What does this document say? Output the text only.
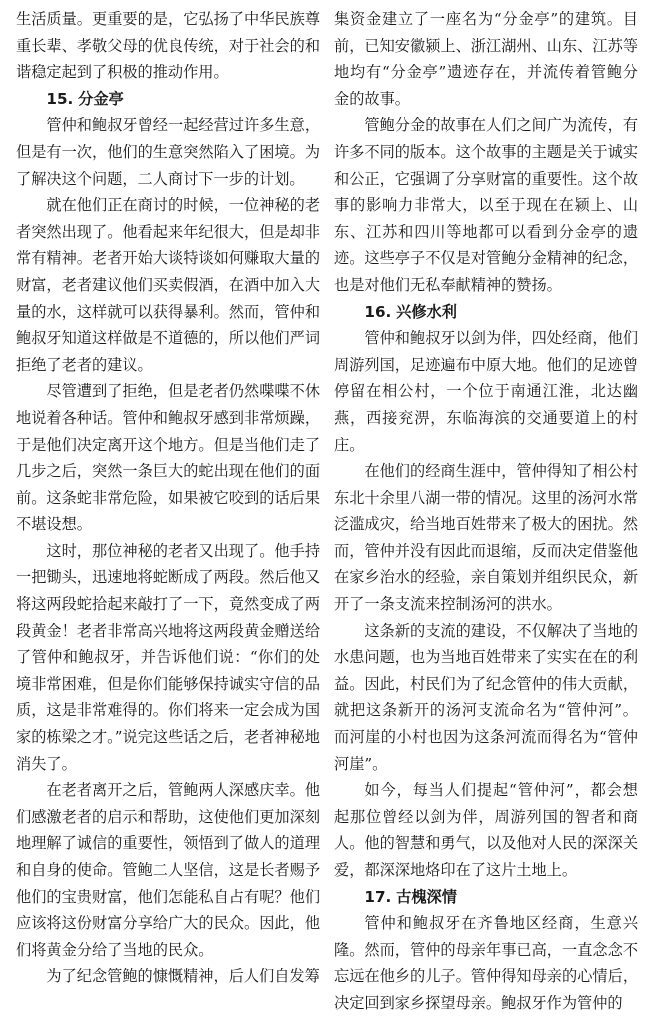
生活质量。更重要的是，它弘扬了中华民族尊重长辈、孝敬父母的优良传统，对于社会的和谐稳定起到了积极的推动作用。

15. 分金亭

管仲和鲍叔牙曾经一起经营过许多生意，但是有一次，他们的生意突然陷入了困境。为了解决这个问题，二人商讨下一步的计划。

就在他们正在商讨的时候，一位神秘的老者突然出现了。他看起来年纪很大，但是却非常有精神。老者开始大谈特谈如何赚取大量的财富，老者建议他们买卖假酒，在酒中加入大量的水，这样就可以获得暴利。然而，管仲和鲍叔牙知道这样做是不道德的，所以他们严词拒绝了老者的建议。

尽管遭到了拒绝，但是老者仍然喋喋不休地说着各种话。管仲和鲍叔牙感到非常烦躁，于是他们决定离开这个地方。但是当他们走了几步之后，突然一条巨大的蛇出现在他们的面前。这条蛇非常危险，如果被它咬到的话后果不堪设想。

这时，那位神秘的老者又出现了。他手持一把锄头，迅速地将蛇断成了两段。然后他又将这两段蛇拾起来敲打了一下，竟然变成了两段黄金！老者非常高兴地将这两段黄金赠送给了管仲和鲍叔牙，并告诉他们说：“你们的处境非常困难，但是你们能够保持诚实守信的品质，这是非常难得的。你们将来一定会成为国家的栋梁之才。”说完这些话之后，老者神秘地消失了。

在老者离开之后，管鲍两人深感庆幸。他们感激老者的启示和帮助，这使他们更加深刻地理解了诚信的重要性，领悟到了做人的道理和自身的使命。管鲍二人坚信，这是长者赐予他们的宝贵财富，他们怎能私自占有呢？他们应该将这份财富分享给广大的民众。因此，他们将黄金分给了当地的民众。

为了纪念管鲍的慷慨精神，后人们自发筹

集资金建立了一座名为“分金亭”的建筑。目前，已知安徽颍上、浙江湖州、山东、江苏等地均有“分金亭”遗迹存在，并流传着管鲍分金的故事。

管鲍分金的故事在人们之间广为流传，有许多不同的版本。这个故事的主题是关于诚实和公正，它强调了分享财富的重要性。这个故事的影响力非常大，以至于现在在颍上、山东、江苏和四川等地都可以看到分金亭的遗迹。这些亭子不仅是对管鲍分金精神的纪念，也是对他们无私奉献精神的赞扬。

16. 兴修水利

管仲和鲍叔牙以剑为伴，四处经商，他们周游列国，足迹遍布中原大地。他们的足迹曾停留在相公村，一个位于南通江淮，北达幽燕，西接兖淠，东临海滨的交通要道上的村庄。

在他们的经商生涯中，管仲得知了相公村东北十余里八湖一带的情况。这里的汤河水常泛滥成灾，给当地百姓带来了极大的困扰。然而，管仲并没有因此而退缩，反而决定借鉴他在家乡治水的经验，亲自策划并组织民众，新开了一条支流来控制汤河的洪水。

这条新的支流的建设，不仅解决了当地的水患问题，也为当地百姓带来了实实在在的利益。因此，村民们为了纪念管仲的伟大贡献，就把这条新开的汤河支流命名为“管仲河”。而河崖的小村也因为这条河流而得名为“管仲河崖”。

如今，每当人们提起“管仲河”，都会想起那位曾经以剑为伴，周游列国的智者和商人。他的智慧和勇气，以及他对人民的深深关爱，都深深地烙印在了这片土地上。

17. 古槐深情

管仲和鲍叔牙在齐鲁地区经商，生意兴隆。然而，管仲的母亲年事已高，一直念念不忘远在他乡的儿子。管仲得知母亲的心情后，决定回到家乡探望母亲。鲍叔牙作为管仲的
